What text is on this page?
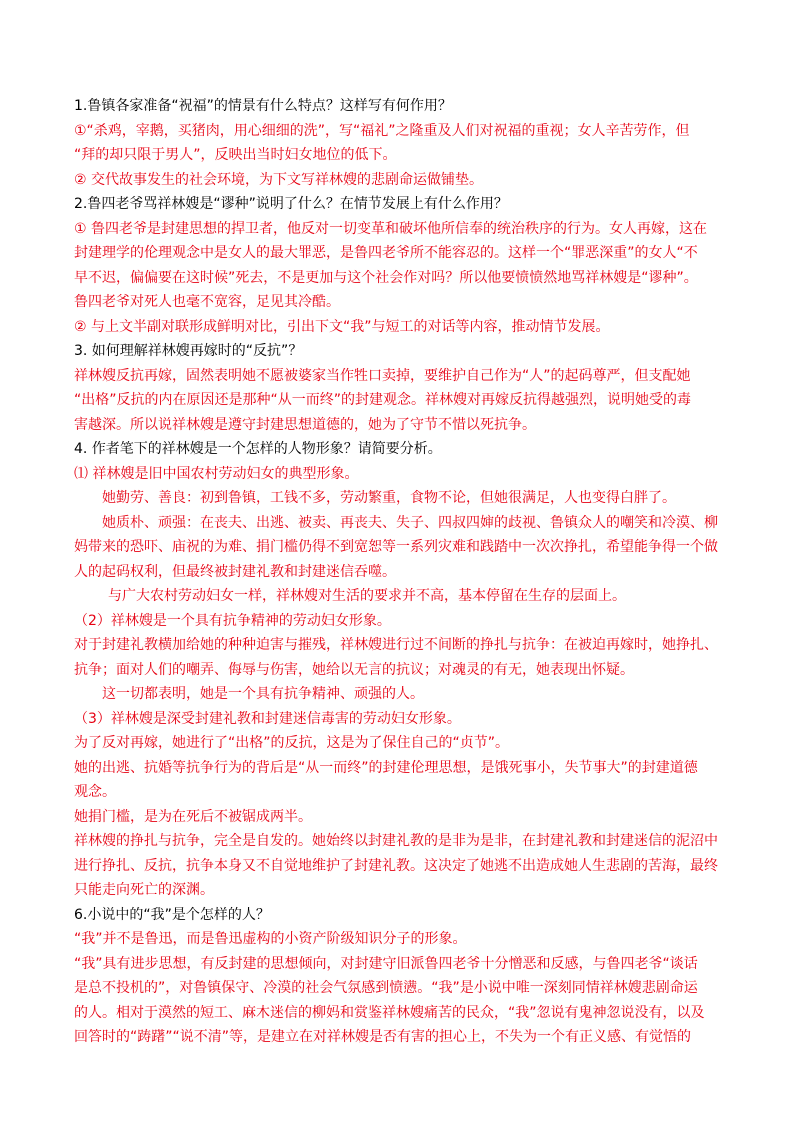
1.鲁镇各家准备“祝福”的情景有什么特点？这样写有何作用？

①“杀鸡，宰鹅，买猪肉，用心细细的洗”，写“福礼”之隆重及人们对祝福的重视；女人辛苦劳作，但

“拜的却只限于男人”，反映出当时妇女地位的低下。

② 交代故事发生的社会环境，为下文写祥林嫂的悲剧命运做铺垫。

2.鲁四老爷骂祥林嫂是“谬种”说明了什么？在情节发展上有什么作用？

① 鲁四老爷是封建思想的捍卫者，他反对一切变革和破坏他所信奉的统治秩序的行为。女人再嫁，这在

封建理学的伦理观念中是女人的最大罪恶，是鲁四老爷所不能容忍的。这样一个“罪恶深重”的女人“不

早不迟，偏偏要在这时候”死去，不是更加与这个社会作对吗？所以他要愤愤然地骂祥林嫂是“谬种”。

鲁四老爷对死人也毫不宽容，足见其冷酷。

② 与上文半副对联形成鲜明对比，引出下文“我”与短工的对话等内容，推动情节发展。

3. 如何理解祥林嫂再嫁时的“反抗”？

祥林嫂反抗再嫁，固然表明她不愿被婆家当作牲口卖掉，要维护自己作为“人”的起码尊严，但支配她

“出格”反抗的内在原因还是那种“从一而终”的封建观念。祥林嫂对再嫁反抗得越强烈，说明她受的毒

害越深。所以说祥林嫂是遵守封建思想道德的，她为了守节不惜以死抗争。

4. 作者笔下的祥林嫂是一个怎样的人物形象？请简要分析。

⑴ 祥林嫂是旧中国农村劳动妇女的典型形象。

她勤劳、善良：初到鲁镇，工钱不多，劳动繁重，食物不论，但她很满足，人也变得白胖了。

她质朴、顽强：在丧夫、出逃、被卖、再丧夫、失子、四叔四婶的歧视、鲁镇众人的嘲笑和冷漠、柳

妈带来的恐吓、庙祝的为难、捐门槛仍得不到宽恕等一系列灾难和践踏中一次次挣扎，希望能争得一个做

人的起码权利，但最终被封建礼教和封建迷信吞噬。

与广大农村劳动妇女一样，祥林嫂对生活的要求并不高，基本停留在生存的层面上。

（2）祥林嫂是一个具有抗争精神的劳动妇女形象。

对于封建礼教横加给她的种种迫害与摧残，祥林嫂进行过不间断的挣扎与抗争：在被迫再嫁时，她挣扎、

抗争；面对人们的嘲弄、侮辱与伤害，她给以无言的抗议；对魂灵的有无，她表现出怀疑。

这一切都表明，她是一个具有抗争精神、顽强的人。

（3）祥林嫂是深受封建礼教和封建迷信毒害的劳动妇女形象。

为了反对再嫁，她进行了“出格”的反抗，这是为了保住自己的“贞节”。

她的出逃、抗婚等抗争行为的背后是“从一而终”的封建伦理思想，是饿死事小，失节事大”的封建道德

观念。

她捐门槛，是为在死后不被锯成两半。

祥林嫂的挣扎与抗争，完全是自发的。她始终以封建礼教的是非为是非，在封建礼教和封建迷信的泥沼中

进行挣扎、反抗，抗争本身又不自觉地维护了封建礼教。这决定了她逃不出造成她人生悲剧的苦海，最终

只能走向死亡的深渊。

6.小说中的“我”是个怎样的人？

“我”并不是鲁迅，而是鲁迅虚构的小资产阶级知识分子的形象。

“我”具有进步思想，有反封建的思想倾向，对封建守旧派鲁四老爷十分憎恶和反感，与鲁四老爷“谈话

是总不投机的”，对鲁镇保守、冷漠的社会气氛感到愤懑。“我”是小说中唯一深刻同情祥林嫂悲剧命运

的人。相对于漠然的短工、麻木迷信的柳妈和赏鉴祥林嫂痛苦的民众，“我”忽说有鬼神忽说没有，以及

回答时的“踌躇”“说不清”等，是建立在对祥林嫂是否有害的担心上，不失为一个有正义感、有觉悟的
